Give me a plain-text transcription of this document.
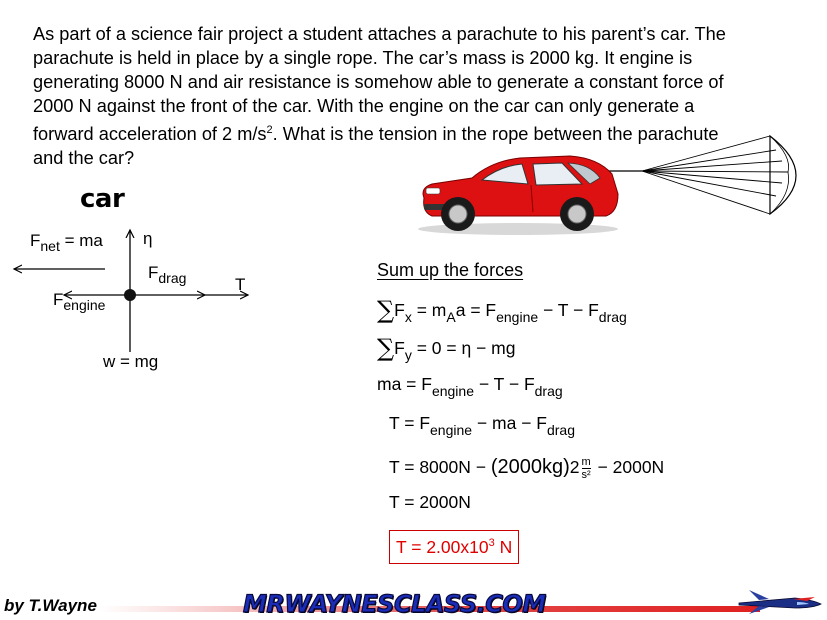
As part of a science fair project a student attaches a parachute to his parent’s car. The parachute is held in place by a single rope. The car’s mass is 2000 kg. It engine is generating 8000 N and air resistance is somehow able to generate a constant force of 2000 N against the front of the car. With the engine on the car can only generate a forward acceleration of 2 $m/s^2$. What is the tension in the rope between the parachute and the car?
car
$F_{net}$ = ma η
$F_{drag}$	T
$F_{engine}$
w = mg
Sum up the forces
$\sum F_x = m_Aa = F_{engine} - T - F_{drag}$
$\sum F_y = 0 = \eta$ − mg
ma = $F_{engine} - T - F_{drag}$
$T = F_{engine}$ − ma − $F_{drag}$
$T = 8000N - (2000kg)2 \frac{m}{\text{s²}} - 2000N$
T = 2000N
$T = 2.00x10^3$ N
by T.Wayne	MRWAYNESCLASS.COM
